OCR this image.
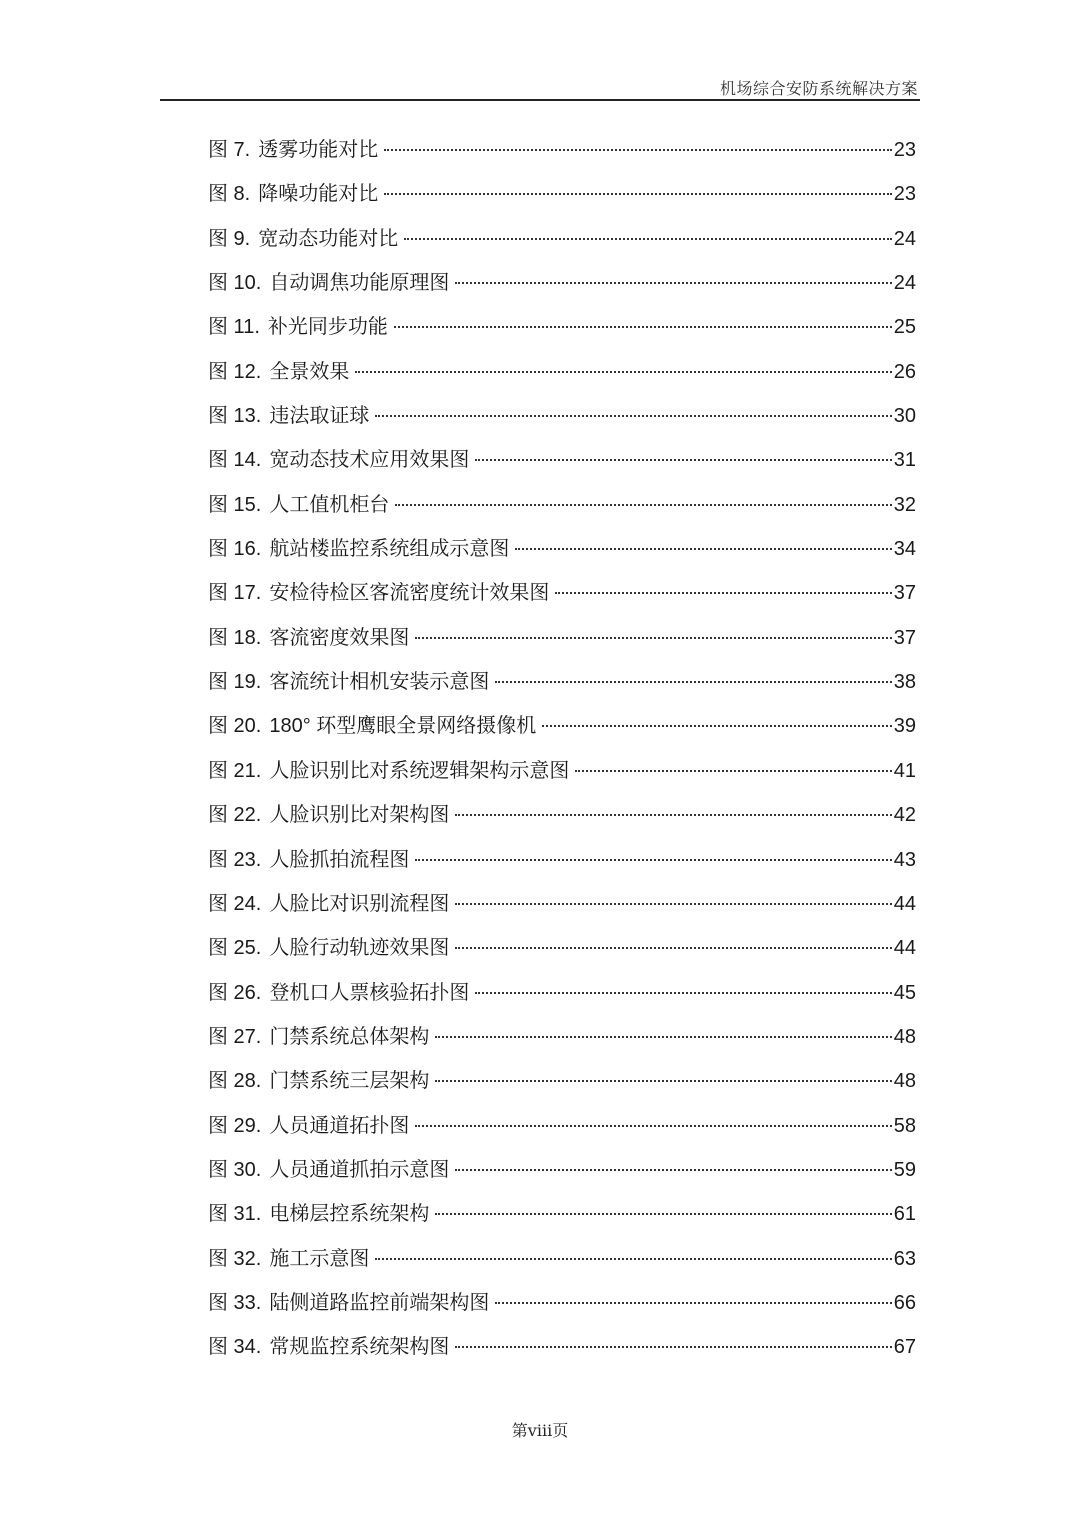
机场综合安防系统解决方案
图 7. 透雾功能对比	23
图 8. 降噪功能对比	23
图 9. 宽动态功能对比	24
图 10. 自动调焦功能原理图	24
图 11. 补光同步功能	25
图 12. 全景效果	26
图 13. 违法取证球	30
图 14. 宽动态技术应用效果图	31
图 15. 人工值机柜台	32
图 16. 航站楼监控系统组成示意图	34
图 17. 安检待检区客流密度统计效果图	37
图 18. 客流密度效果图	37
图 19. 客流统计相机安装示意图	38
图 20. 180° 环型鹰眼全景网络摄像机	39
图 21. 人脸识别比对系统逻辑架构示意图	41
图 22. 人脸识别比对架构图	42
图 23. 人脸抓拍流程图	43
图 24. 人脸比对识别流程图	44
图 25. 人脸行动轨迹效果图	44
图 26. 登机口人票核验拓扑图	45
图 27. 门禁系统总体架构	48
图 28. 门禁系统三层架构	48
图 29. 人员通道拓扑图	58
图 30. 人员通道抓拍示意图	59
图 31. 电梯层控系统架构	61
图 32. 施工示意图	63
图 33. 陆侧道路监控前端架构图	66
图 34. 常规监控系统架构图	67
第viii页
